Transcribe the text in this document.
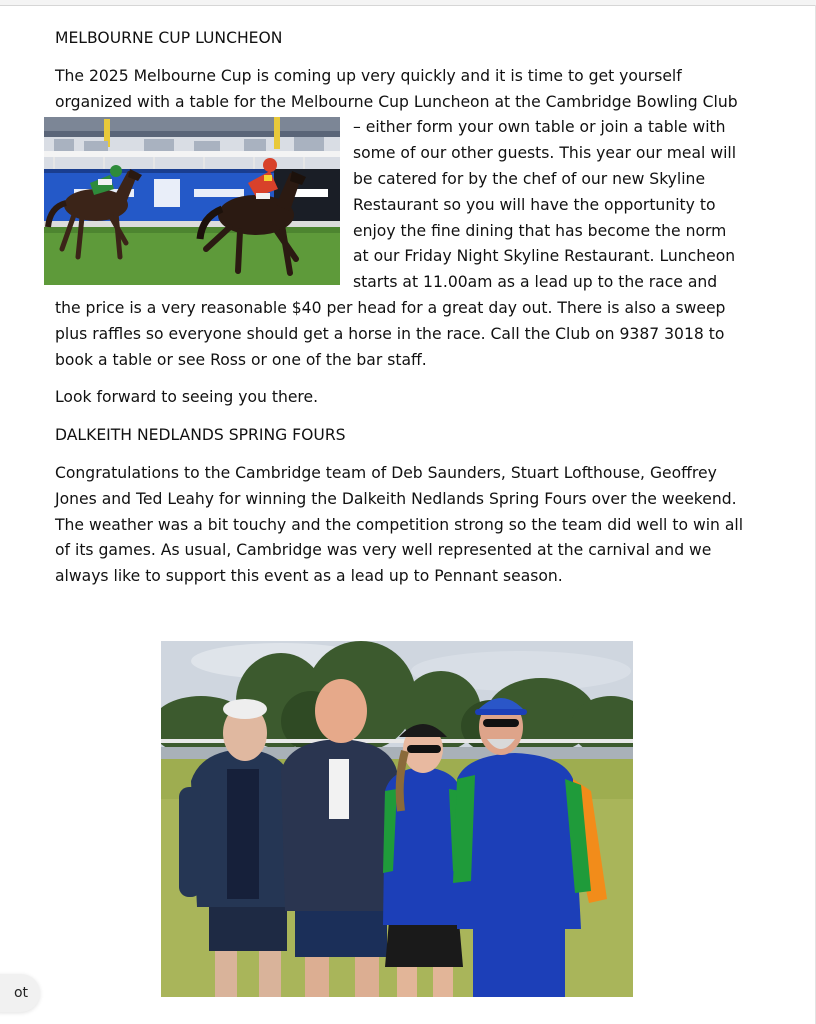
MELBOURNE CUP LUNCHEON

The 2025 Melbourne Cup is coming up very quickly and it is time to get yourself organized with a table for the Melbourne Cup Luncheon at the Cambridge Bowling Club

– either form your own table or join a table with some of our other guests. This year our meal will be catered for by the chef of our new Skyline Restaurant so you will have the opportunity to enjoy the fine dining that has become the norm at our Friday Night Skyline Restaurant. Luncheon starts at 11.00am as a lead up to the race and the price is a very reasonable $40 per head for a great day out. There is also a sweep plus raffles so everyone should get a horse in the race. Call the Club on 9387 3018 to book a table or see Ross or one of the bar staff.

Look forward to seeing you there.

DALKEITH NEDLANDS SPRING FOURS

Congratulations to the Cambridge team of Deb Saunders, Stuart Lofthouse, Geoffrey Jones and Ted Leahy for winning the Dalkeith Nedlands Spring Fours over the weekend. The weather was a bit touchy and the competition strong so the team did well to win all of its games. As usual, Cambridge was very well represented at the carnival and we always like to support this event as a lead up to Pennant season.

ot
